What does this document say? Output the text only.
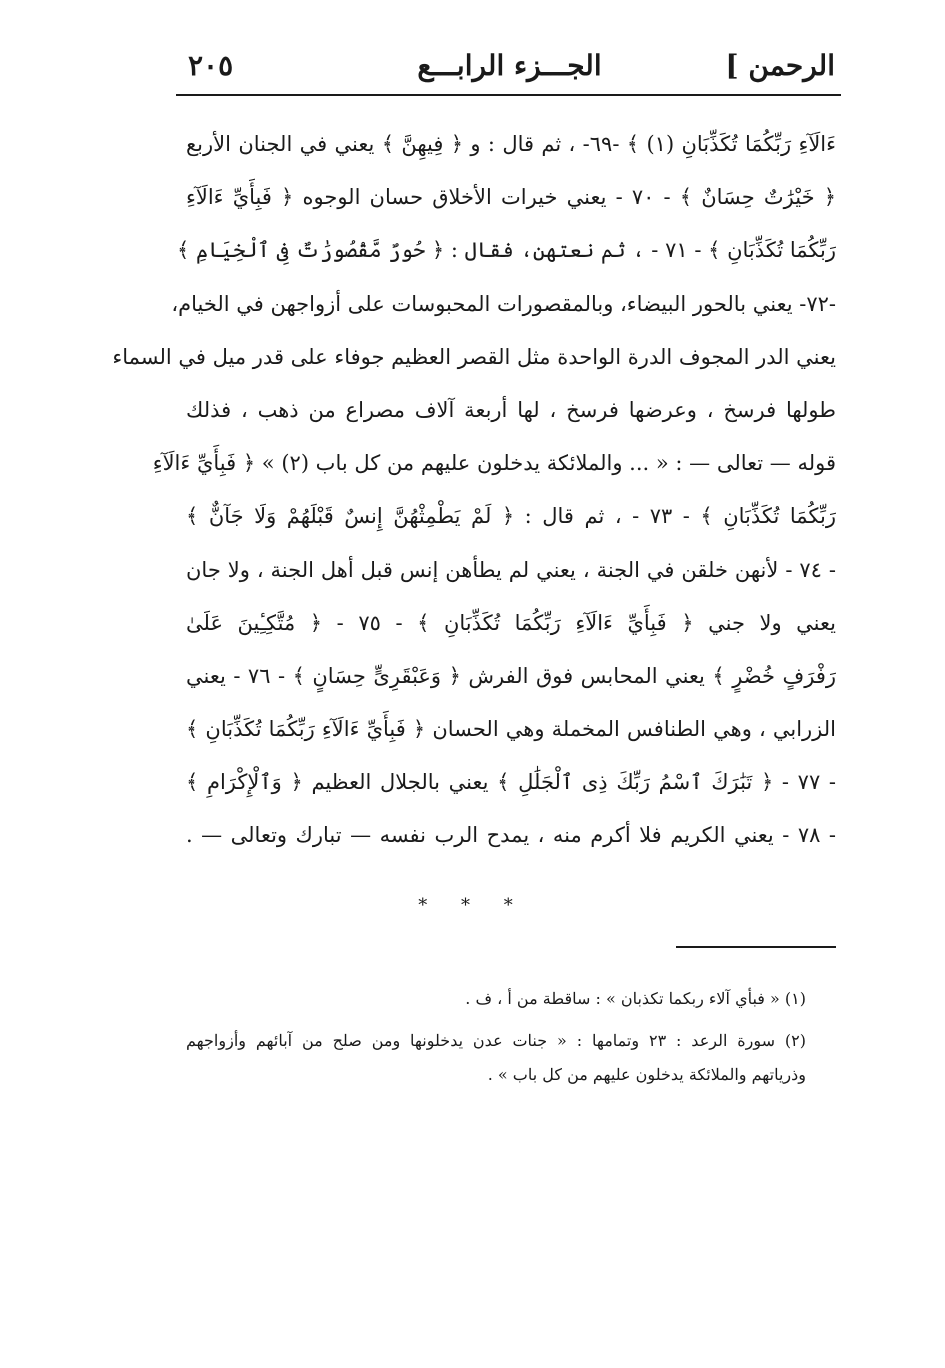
الرحمن ]
الجـــزء الرابـــع
٢٠٥
ءَالَآءِ رَبِّكُمَا تُكَذِّبَانِ (١) ﴾ -٦٩- ، ثم قال : و ﴿ فِيهِنَّ ﴾ يعني في الجنان الأربع
﴿ خَيْرَٰتٌ حِسَانٌ ﴾ - ٧٠ - يعني خيرات الأخلاق حسان الوجوه ﴿ فَبِأَيِّ ءَالَآءِ
رَبِّكُمَا تُكَذِّبَانِ ﴾ - ٧١ - ، ثم نعتهن، فقال : ﴿ حُورٌ مَّقْصُورَٰتٌ فِى ٱلْخِيَامِ ﴾
-٧٢- يعني بالحور البيضاء، وبالمقصورات المحبوسات على أزواجهن في الخيام،
يعني الدر المجوف الدرة الواحدة مثل القصر العظيم جوفاء على قدر ميل في السماء
طولها فرسخ ، وعرضها فرسخ ، لها أربعة آلاف مصراع من ذهب ، فذلك
قوله — تعالى — : « ... والملائكة يدخلون عليهم من كل باب (٢) » ﴿ فَبِأَيِّ ءَالَآءِ
رَبِّكُمَا تُكَذِّبَانِ ﴾ - ٧٣ - ، ثم قال : ﴿ لَمْ يَطْمِثْهُنَّ إِنسٌ قَبْلَهُمْ وَلَا جَآنٌّ ﴾
- ٧٤ - لأنهن خلقن في الجنة ، يعني لم يطأهن إنس قبل أهل الجنة ، ولا جان
يعني ولا جني ﴿ فَبِأَيِّ ءَالَآءِ رَبِّكُمَا تُكَذِّبَانِ ﴾ - ٧٥ - ﴿ مُتَّكِـِٔينَ عَلَىٰ
رَفْرَفٍ خُضْرٍ ﴾ يعني المحابس فوق الفرش ﴿ وَعَبْقَرِىٍّ حِسَانٍ ﴾ - ٧٦ - يعني
الزرابي ، وهي الطنافس المخملة وهي الحسان ﴿ فَبِأَيِّ ءَالَآءِ رَبِّكُمَا تُكَذِّبَانِ ﴾
- ٧٧ - ﴿ تَبَٰرَكَ ٱسْمُ رَبِّكَ ذِى ٱلْجَلَٰلِ ﴾ يعني بالجلال العظيم ﴿ وَٱلْإِكْرَامِ ﴾
- ٧٨ - يعني الكريم فلا أكرم منه ، يمدح الرب نفسه — تبارك وتعالى — .
* * *
(١) « فبأي آلاء ربكما تكذبان » : ساقطة من أ ، ف .
(٢) سورة الرعد : ٢٣ وتمامها : « جنات عدن يدخلونها ومن صلح من آبائهم وأزواجهم
وذرياتهم والملائكة يدخلون عليهم من كل باب » .
